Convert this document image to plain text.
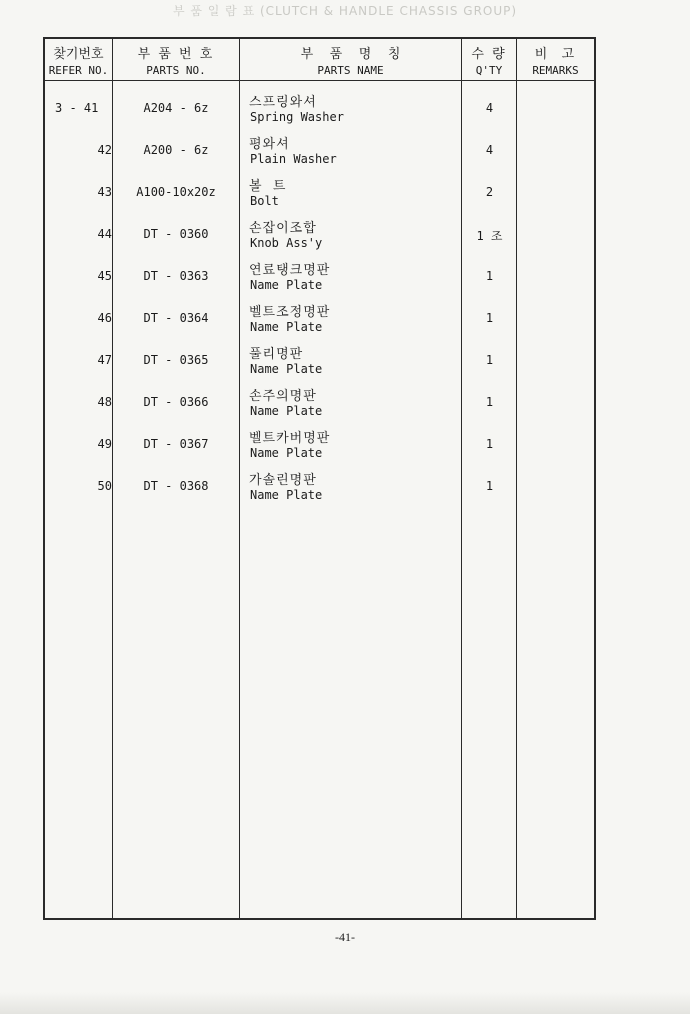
부 품 일 람 표 (CLUTCH & HANDLE CHASSIS GROUP)
찾기번호
REFER NO.
부 품 번 호
PARTS NO.
부    품    명    칭
PARTS NAME
수 량
Q'TY
비  고
REMARKS
3 - 41	A204 - 6z	스프링와셔
Spring Washer
4
42	A200 - 6z	평와셔
Plain Washer
4
43	A100-10x20z	볼  트
Bolt
2
44	DT - 0360	손잡이조합
Knob Ass'y	1 조
45	DT - 0363	연료탱크명판
Name Plate
1
46	DT - 0364	벨트조정명판
Name Plate
1
47	DT - 0365	풀리명판
Name Plate
1
48	DT - 0366	손주의명판
Name Plate
1
49	DT - 0367	벨트카버명판
Name Plate
1
50	DT - 0368	가솔린명판
Name Plate
1
-41-
